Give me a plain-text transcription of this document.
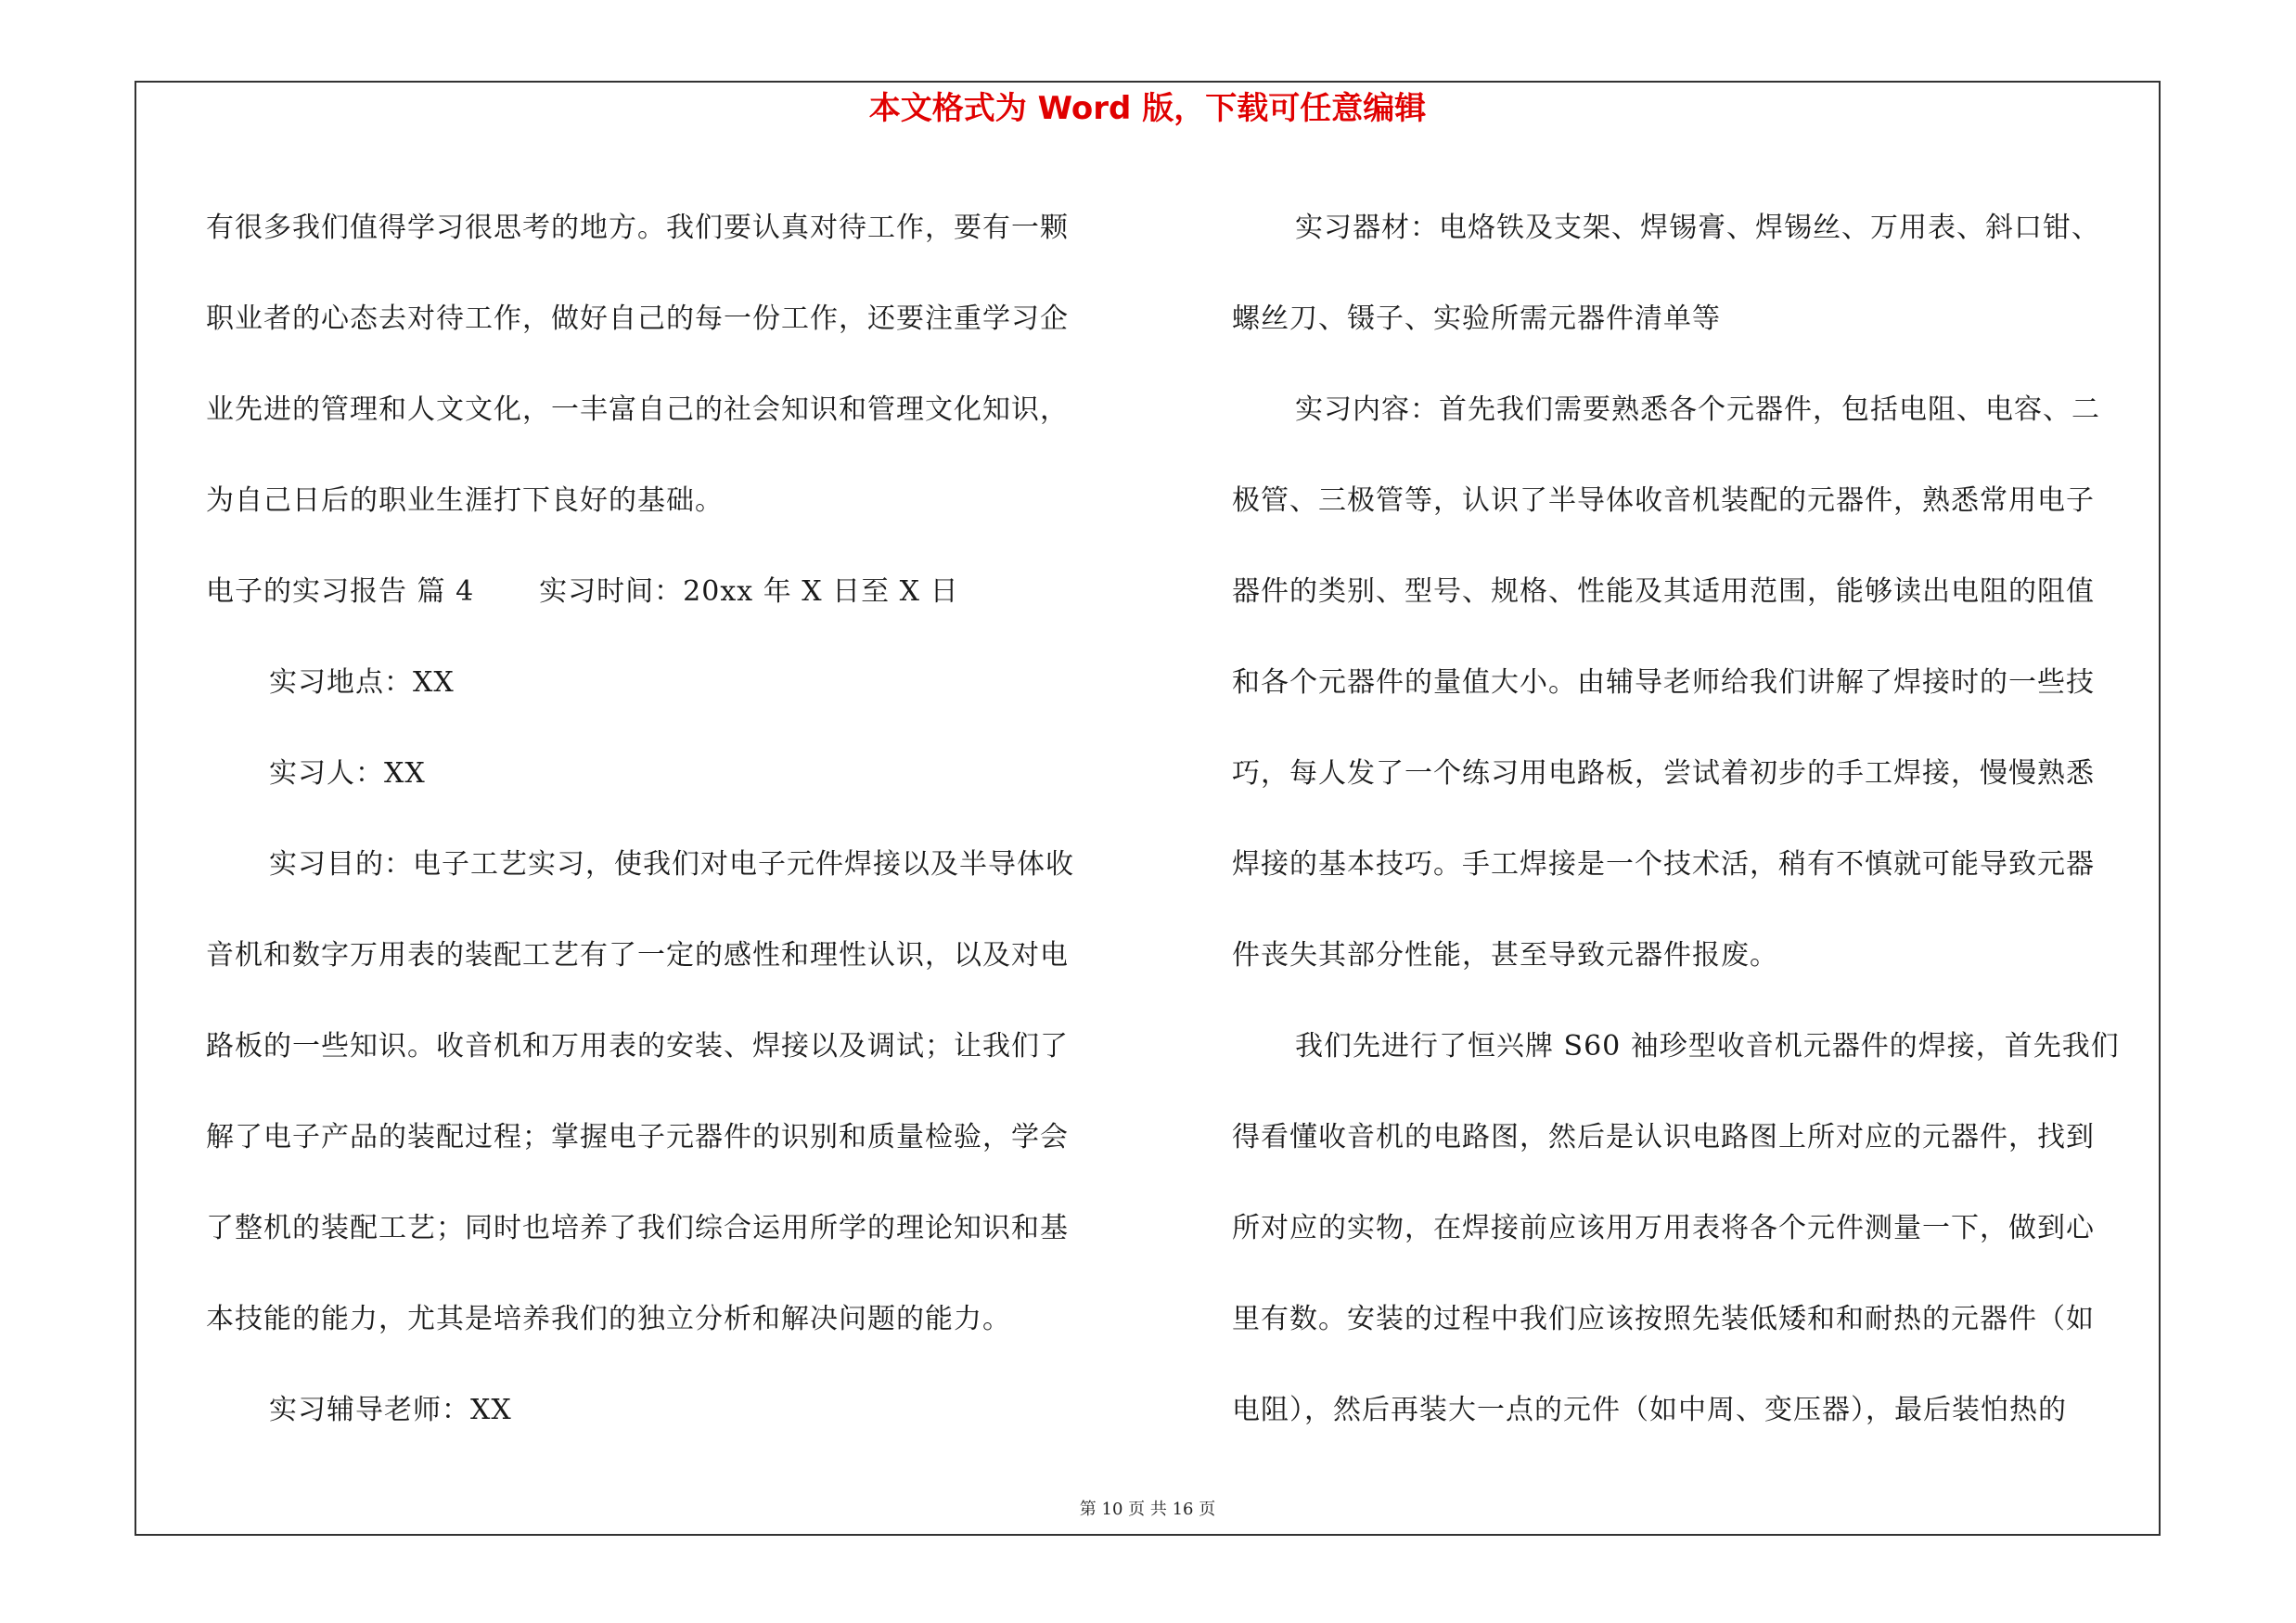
本文格式为 Word 版，下载可任意编辑
有很多我们值得学习很思考的地方。我们要认真对待工作，要有一颗
职业者的心态去对待工作，做好自己的每一份工作，还要注重学习企
业先进的管理和人文文化，一丰富自己的社会知识和管理文化知识，
为自己日后的职业生涯打下良好的基础。
电子的实习报告 篇 4 实习时间：20xx 年 X 日至 X 日
实习地点：XX
实习人：XX
实习目的：电子工艺实习，使我们对电子元件焊接以及半导体收
音机和数字万用表的装配工艺有了一定的感性和理性认识，以及对电
路板的一些知识。收音机和万用表的安装、焊接以及调试；让我们了
解了电子产品的装配过程；掌握电子元器件的识别和质量检验，学会
了整机的装配工艺；同时也培养了我们综合运用所学的理论知识和基
本技能的能力，尤其是培养我们的独立分析和解决问题的能力。
实习辅导老师：XX
实习器材：电烙铁及支架、焊锡膏、焊锡丝、万用表、斜口钳、
螺丝刀、镊子、实验所需元器件清单等
实习内容：首先我们需要熟悉各个元器件，包括电阻、电容、二
极管、三极管等，认识了半导体收音机装配的元器件，熟悉常用电子
器件的类别、型号、规格、性能及其适用范围，能够读出电阻的阻值
和各个元器件的量值大小。由辅导老师给我们讲解了焊接时的一些技
巧，每人发了一个练习用电路板，尝试着初步的手工焊接，慢慢熟悉
焊接的基本技巧。手工焊接是一个技术活，稍有不慎就可能导致元器
件丧失其部分性能，甚至导致元器件报废。
我们先进行了恒兴牌 S60 袖珍型收音机元器件的焊接，首先我们
得看懂收音机的电路图，然后是认识电路图上所对应的元器件，找到
所对应的实物，在焊接前应该用万用表将各个元件测量一下，做到心
里有数。安装的过程中我们应该按照先装低矮和和耐热的元器件（如
电阻），然后再装大一点的元件（如中周、变压器），最后装怕热的
第 10 页 共 16 页
